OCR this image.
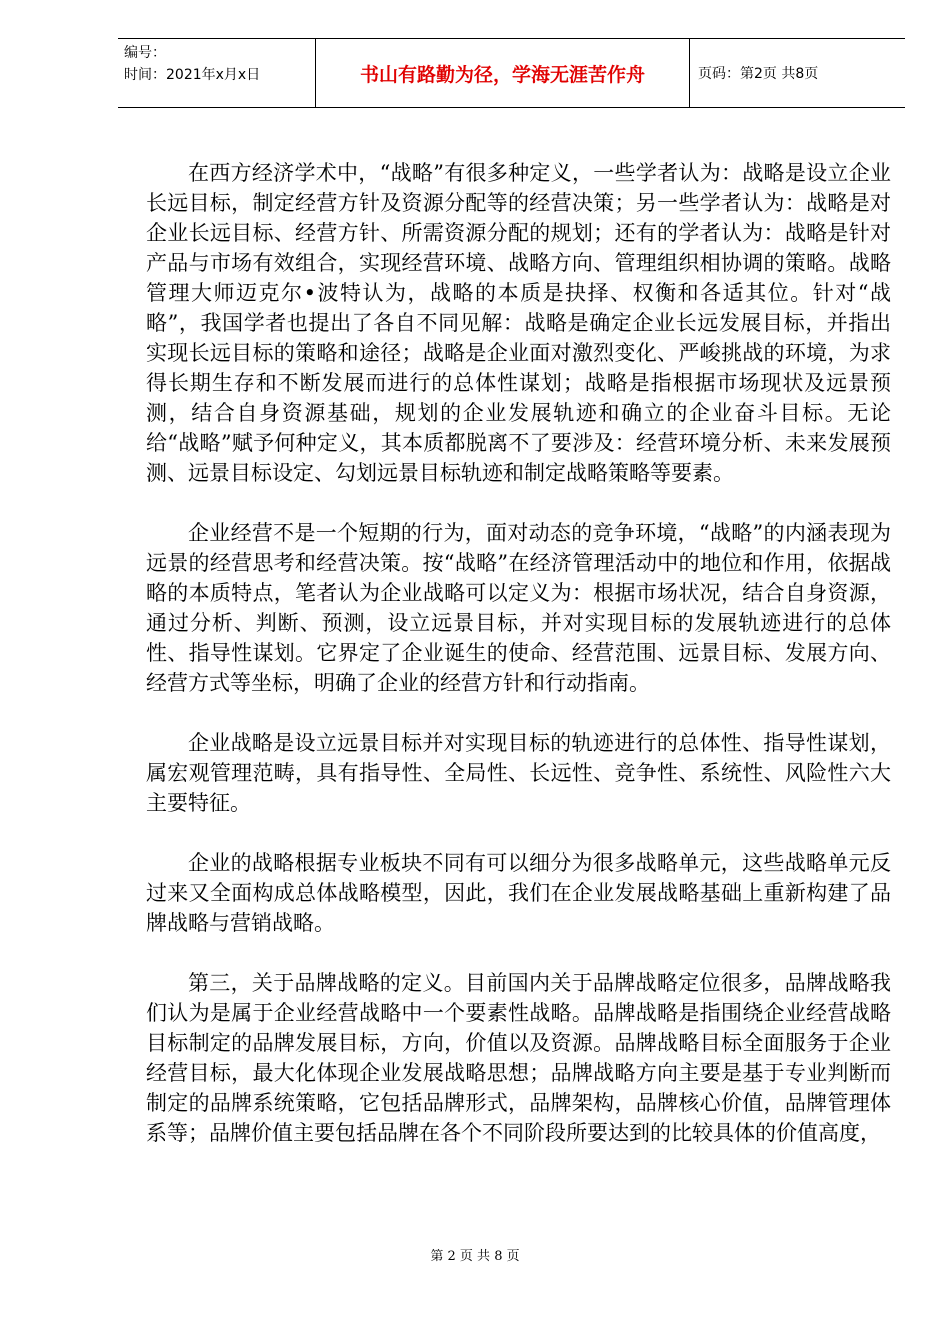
编号：
时间：2021年x月x日	书山有路勤为径，学海无涯苦作舟	页码：第2页 共8页

在西方经济学术中，“战略”有很多种定义，一些学者认为：战略是设立企业长远目标，制定经营方针及资源分配等的经营决策；另一些学者认为：战略是对企业长远目标、经营方针、所需资源分配的规划；还有的学者认为：战略是针对产品与市场有效组合，实现经营环境、战略方向、管理组织相协调的策略。战略管理大师迈克尔•波特认为，战略的本质是抉择、权衡和各适其位。针对“战略”，我国学者也提出了各自不同见解：战略是确定企业长远发展目标，并指出实现长远目标的策略和途径；战略是企业面对激烈变化、严峻挑战的环境，为求得长期生存和不断发展而进行的总体性谋划；战略是指根据市场现状及远景预测，结合自身资源基础，规划的企业发展轨迹和确立的企业奋斗目标。无论给“战略”赋予何种定义，其本质都脱离不了要涉及：经营环境分析、未来发展预测、远景目标设定、勾划远景目标轨迹和制定战略策略等要素。

企业经营不是一个短期的行为，面对动态的竞争环境，“战略”的内涵表现为远景的经营思考和经营决策。按“战略”在经济管理活动中的地位和作用，依据战略的本质特点，笔者认为企业战略可以定义为：根据市场状况，结合自身资源，通过分析、判断、预测，设立远景目标，并对实现目标的发展轨迹进行的总体性、指导性谋划。它界定了企业诞生的使命、经营范围、远景目标、发展方向、经营方式等坐标，明确了企业的经营方针和行动指南。

企业战略是设立远景目标并对实现目标的轨迹进行的总体性、指导性谋划，属宏观管理范畴，具有指导性、全局性、长远性、竞争性、系统性、风险性六大主要特征。

企业的战略根据专业板块不同有可以细分为很多战略单元，这些战略单元反过来又全面构成总体战略模型，因此，我们在企业发展战略基础上重新构建了品牌战略与营销战略。

第三，关于品牌战略的定义。目前国内关于品牌战略定位很多，品牌战略我们认为是属于企业经营战略中一个要素性战略。品牌战略是指围绕企业经营战略目标制定的品牌发展目标，方向，价值以及资源。品牌战略目标全面服务于企业经营目标，最大化体现企业发展战略思想；品牌战略方向主要是基于专业判断而制定的品牌系统策略，它包括品牌形式，品牌架构，品牌核心价值，品牌管理体系等；品牌价值主要包括品牌在各个不同阶段所要达到的比较具体的价值高度，

第 2 页 共 8 页
